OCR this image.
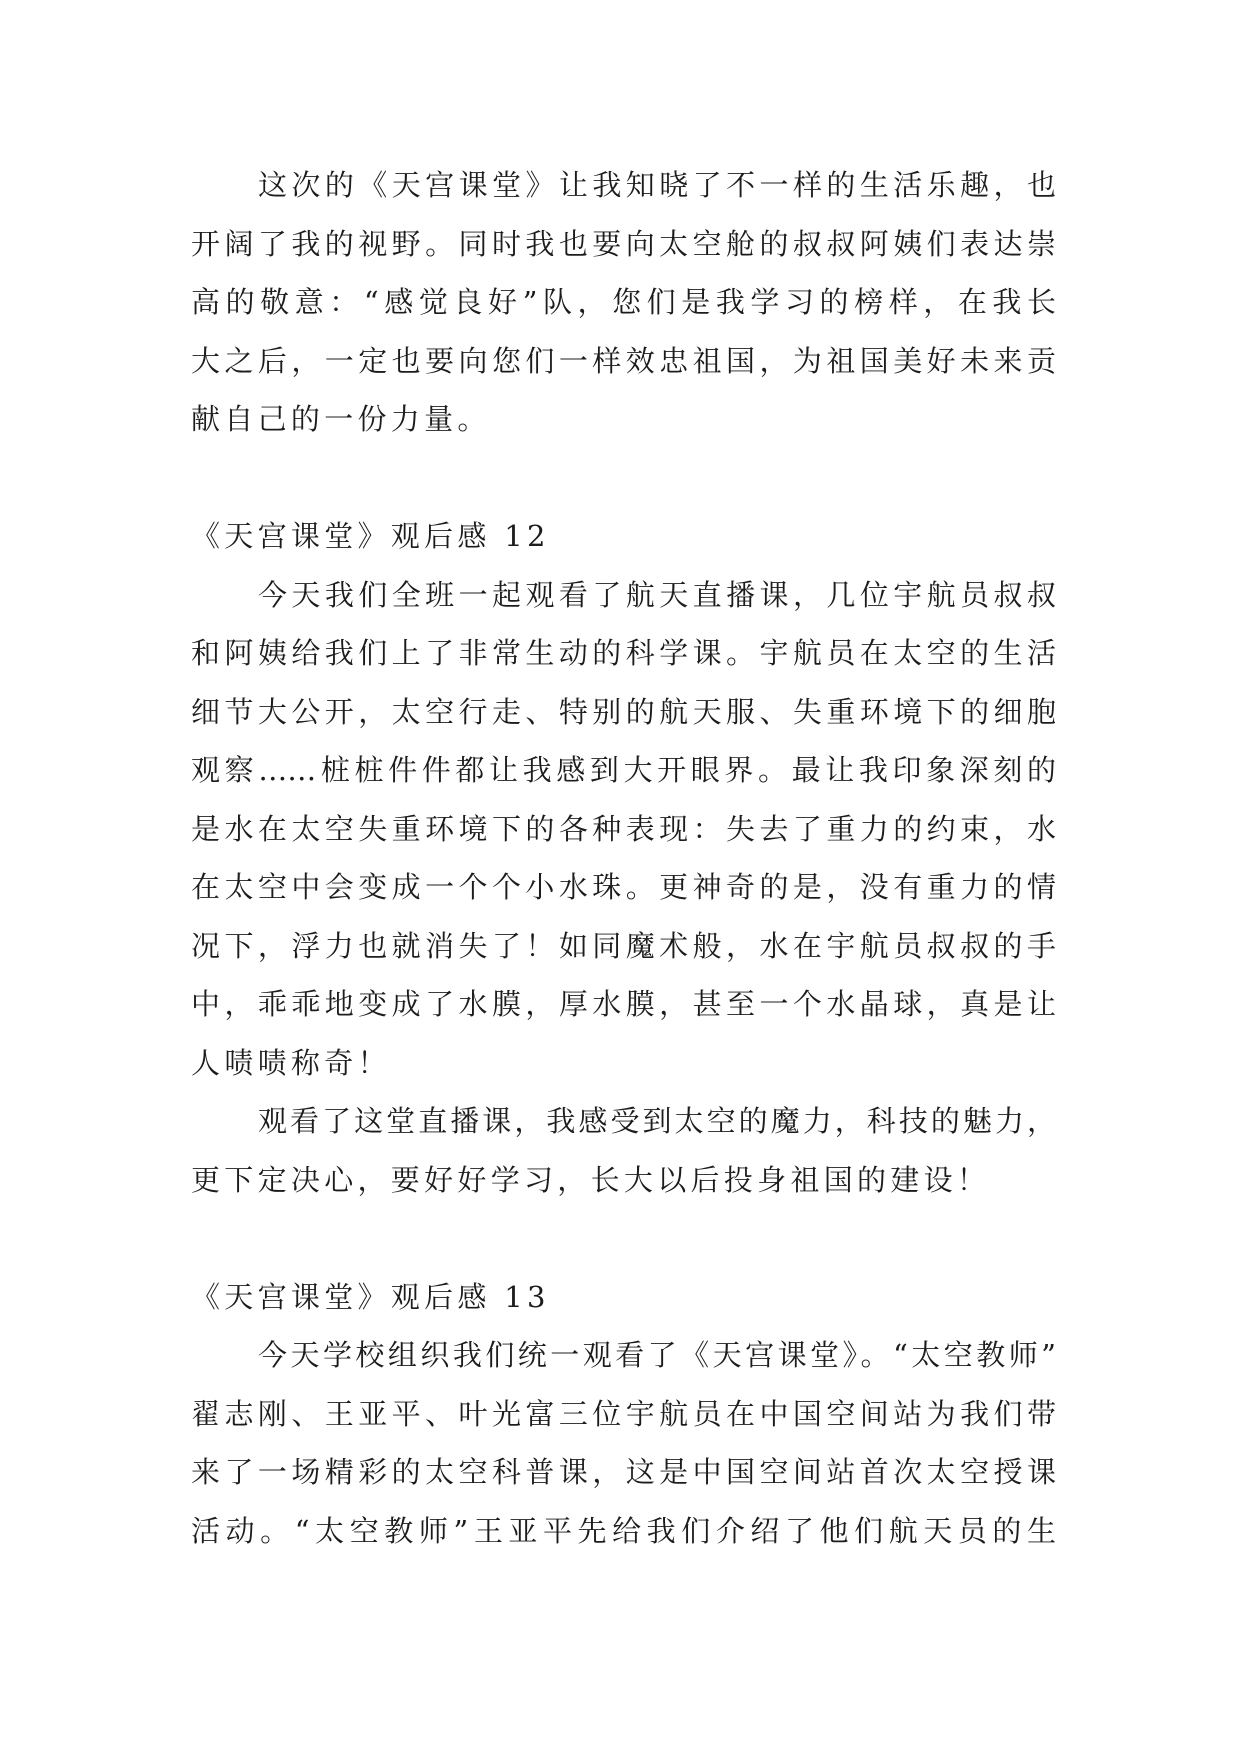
这次的《天宫课堂》让我知晓了不一样的生活乐趣，也
开阔了我的视野。同时我也要向太空舱的叔叔阿姨们表达崇
高的敬意：“感觉良好”队，您们是我学习的榜样，在我长
大之后，一定也要向您们一样效忠祖国，为祖国美好未来贡
献自己的一份力量。
《天宫课堂》观后感 12
今天我们全班一起观看了航天直播课，几位宇航员叔叔
和阿姨给我们上了非常生动的科学课。宇航员在太空的生活
细节大公开，太空行走、特别的航天服、失重环境下的细胞
观察……桩桩件件都让我感到大开眼界。最让我印象深刻的
是水在太空失重环境下的各种表现：失去了重力的约束，水
在太空中会变成一个个小水珠。更神奇的是，没有重力的情
况下，浮力也就消失了！如同魔术般，水在宇航员叔叔的手
中，乖乖地变成了水膜，厚水膜，甚至一个水晶球，真是让
人啧啧称奇！
观看了这堂直播课，我感受到太空的魔力，科技的魅力，
更下定决心，要好好学习，长大以后投身祖国的建设！
《天宫课堂》观后感 13
今天学校组织我们统一观看了《天宫课堂》。“太空教师”
翟志刚、王亚平、叶光富三位宇航员在中国空间站为我们带
来了一场精彩的太空科普课，这是中国空间站首次太空授课
活动。“太空教师”王亚平先给我们介绍了他们航天员的生
